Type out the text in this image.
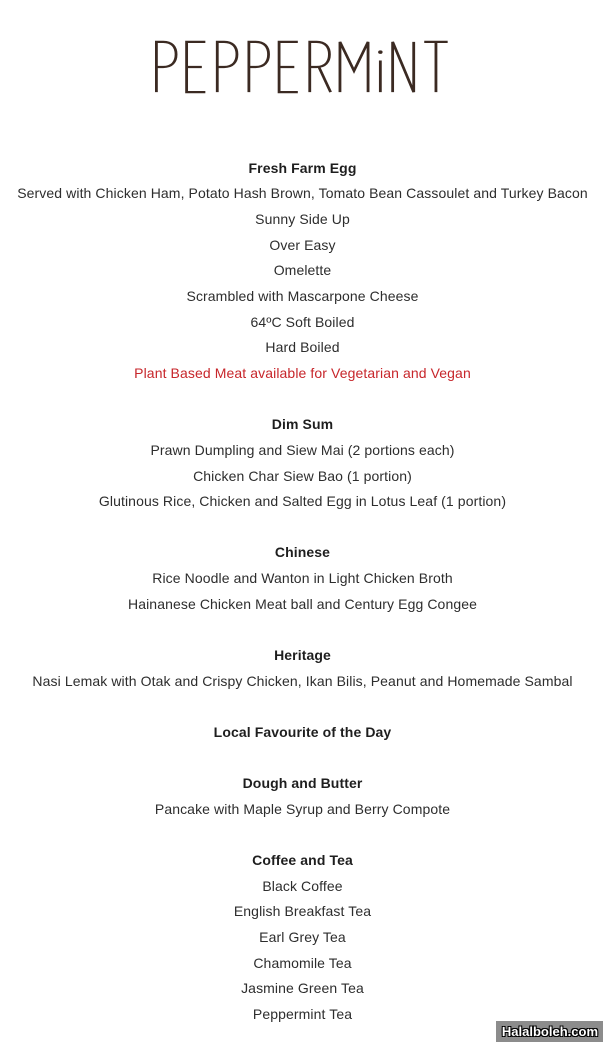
Fresh Farm Egg
Served with Chicken Ham, Potato Hash Brown, Tomato Bean Cassoulet and Turkey Bacon
Sunny Side Up
Over Easy
Omelette
Scrambled with Mascarpone Cheese
64ºC Soft Boiled
Hard Boiled
Plant Based Meat available for Vegetarian and Vegan
Dim Sum
Prawn Dumpling and Siew Mai (2 portions each)
Chicken Char Siew Bao (1 portion)
Glutinous Rice, Chicken and Salted Egg in Lotus Leaf (1 portion)
Chinese
Rice Noodle and Wanton in Light Chicken Broth
Hainanese Chicken Meat ball and Century Egg Congee
Heritage
Nasi Lemak with Otak and Crispy Chicken, Ikan Bilis, Peanut and Homemade Sambal
Local Favourite of the Day
Dough and Butter
Pancake with Maple Syrup and Berry Compote
Coffee and Tea
Black Coffee
English Breakfast Tea
Earl Grey Tea
Chamomile Tea
Jasmine Green Tea
Peppermint Tea
Halalboleh.com
